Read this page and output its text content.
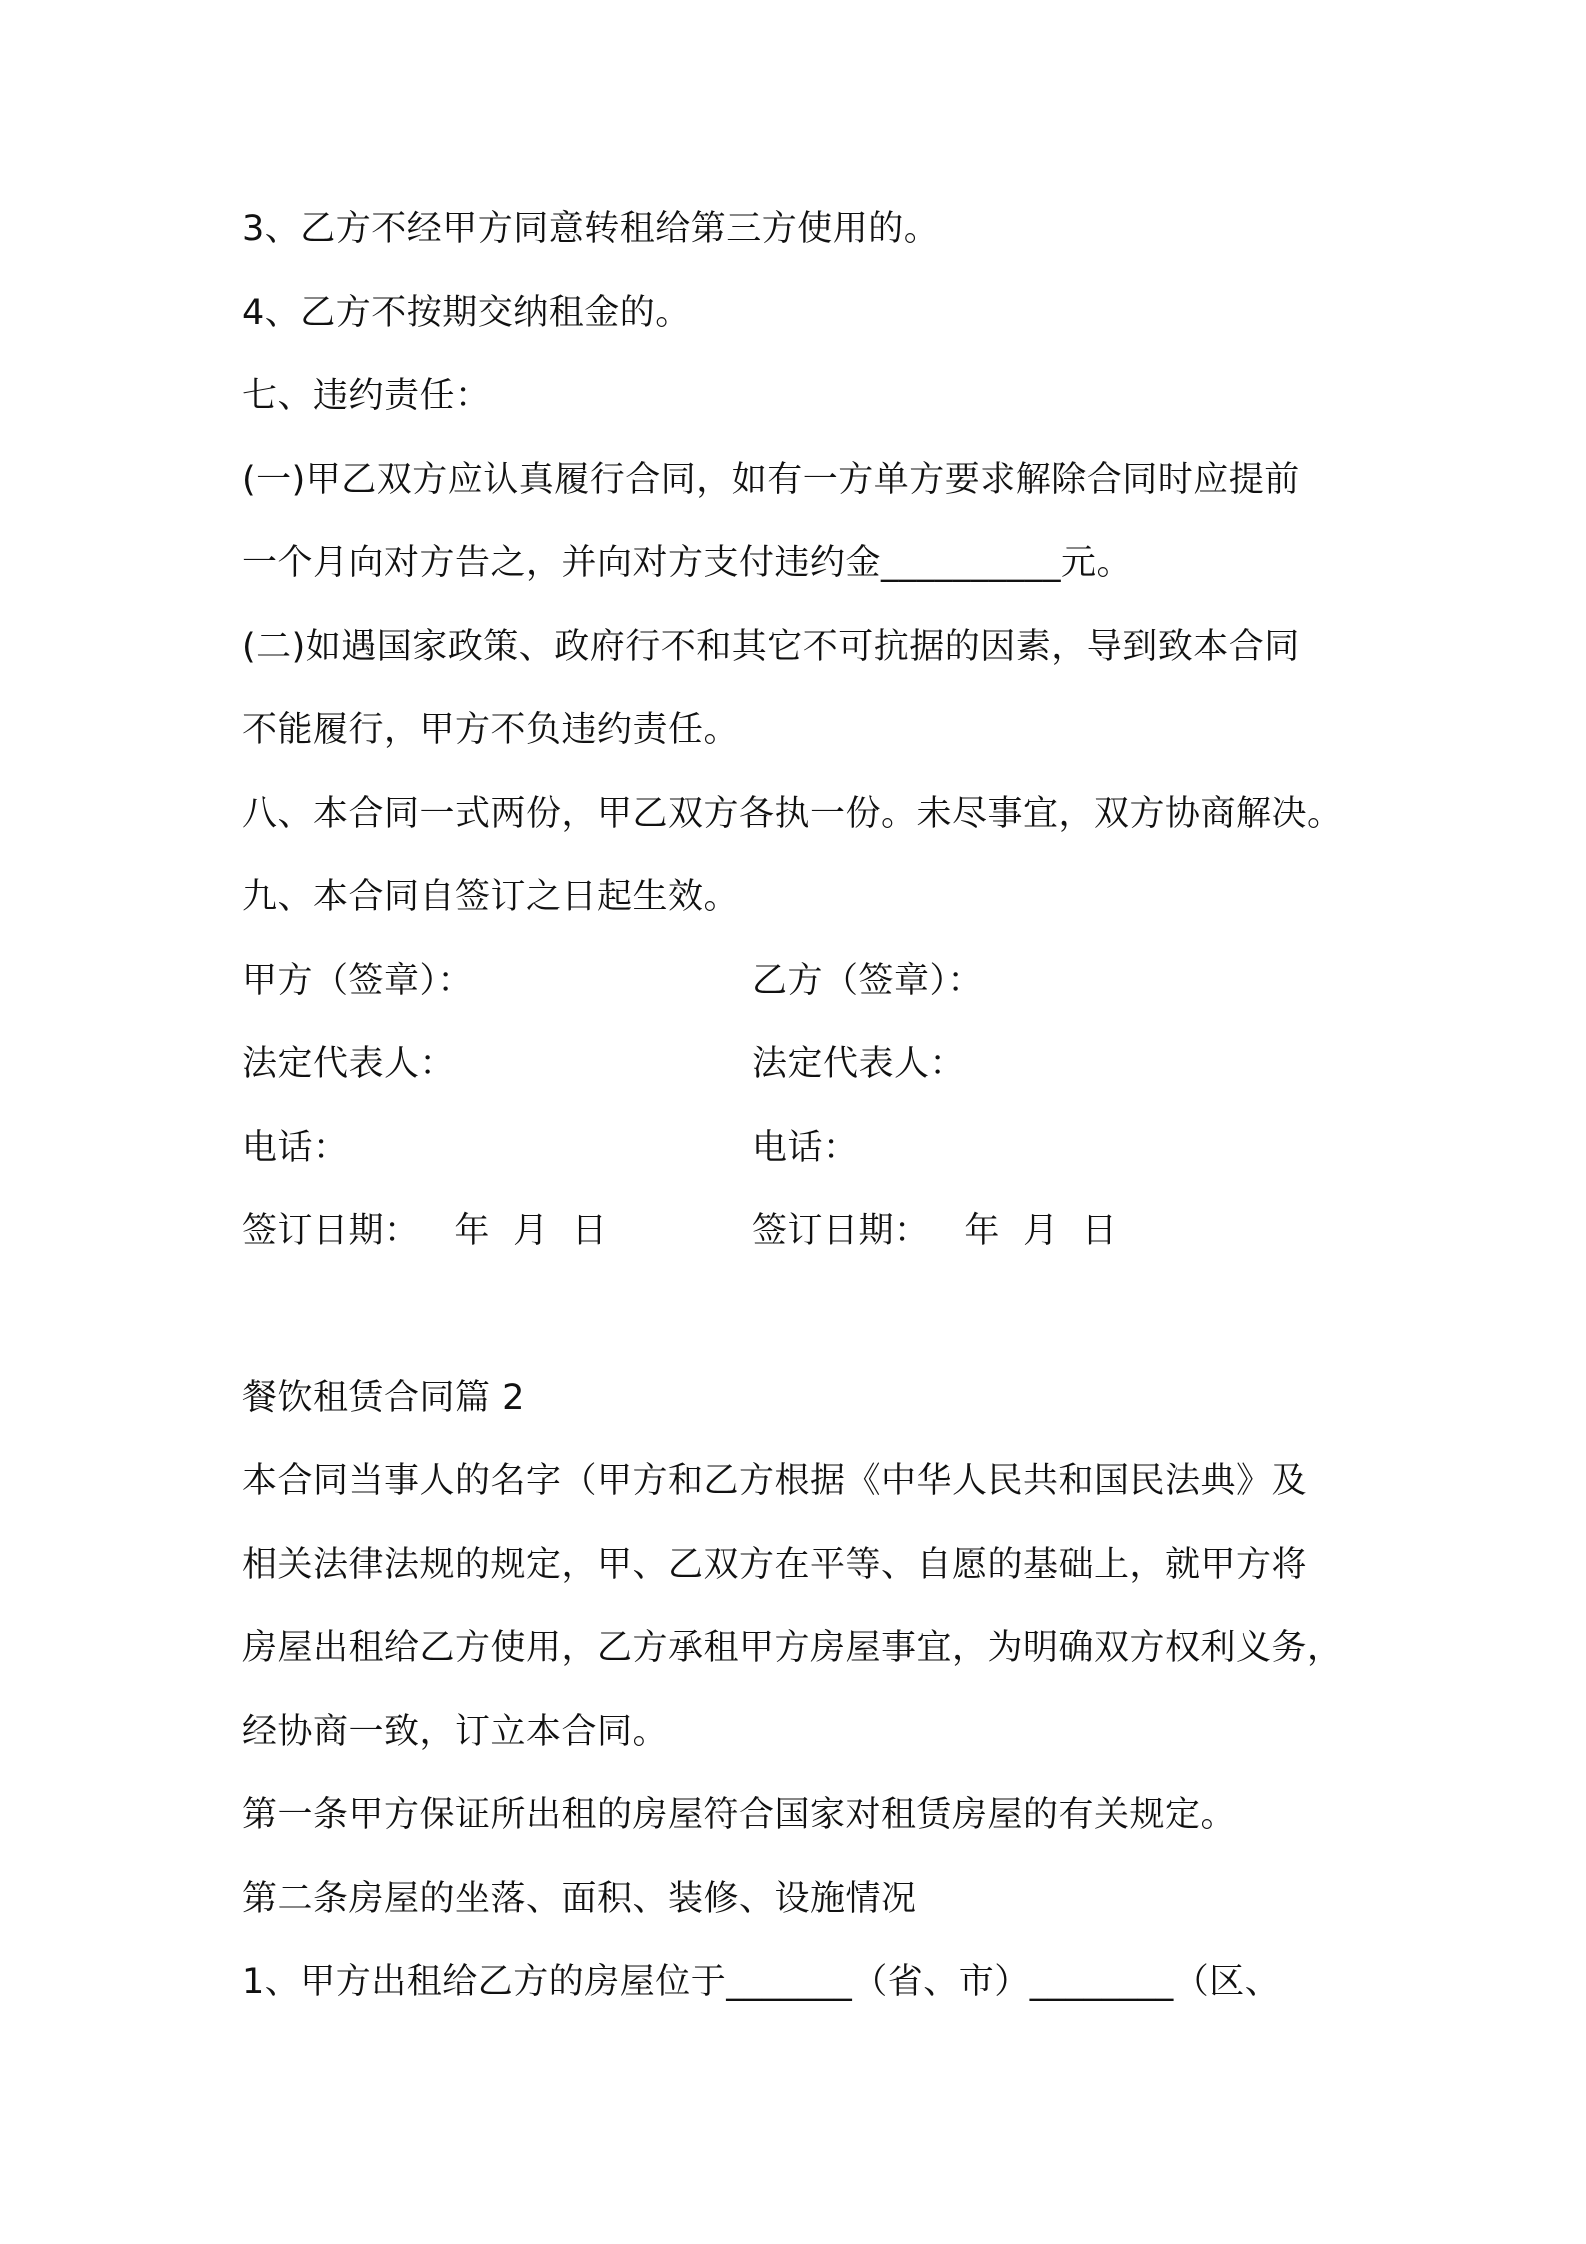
3、乙方不经甲方同意转租给第三方使用的。
4、乙方不按期交纳租金的。
七、违约责任：
(一)甲乙双方应认真履行合同，如有一方单方要求解除合同时应提前
一个月向对方告之，并向对方支付违约金__________元。
(二)如遇国家政策、政府行不和其它不可抗据的因素，导到致本合同
不能履行，甲方不负违约责任。
八、本合同一式两份，甲乙双方各执一份。未尽事宜，双方协商解决。
九、本合同自签订之日起生效。
甲方（签章）：	乙方（签章）：
法定代表人：	法定代表人：
电话：	电话：
签订日期：   年  月  日	签订日期：   年  月  日
餐饮租赁合同篇 2
本合同当事人的名字（甲方和乙方根据《中华人民共和国民法典》及
相关法律法规的规定，甲、乙双方在平等、自愿的基础上，就甲方将
房屋出租给乙方使用，乙方承租甲方房屋事宜，为明确双方权利义务，
经协商一致，订立本合同。
第一条甲方保证所出租的房屋符合国家对租赁房屋的有关规定。
第二条房屋的坐落、面积、装修、设施情况
1、甲方出租给乙方的房屋位于_______（省、市）________（区、
